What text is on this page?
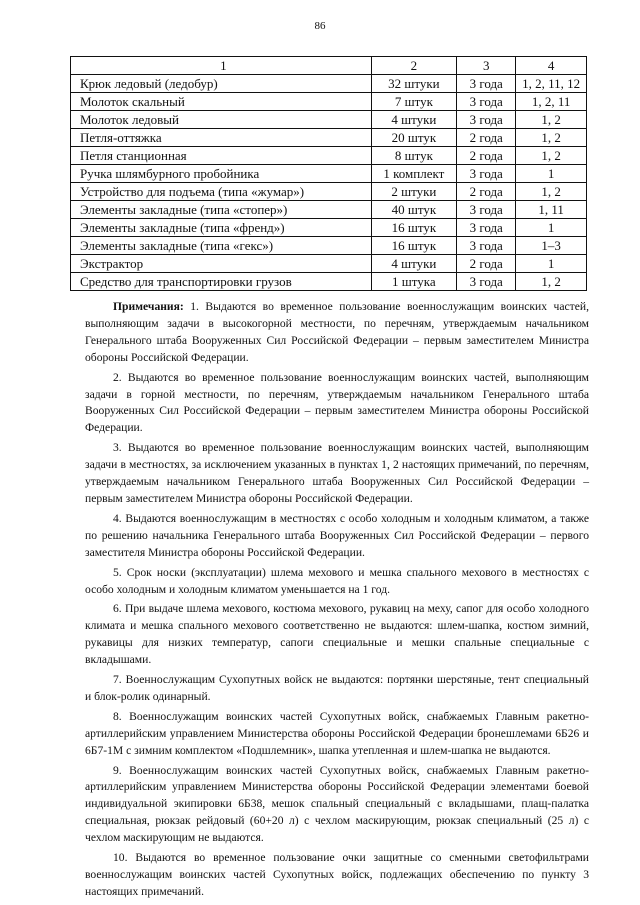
86
1	2	3	4
Крюк ледовый (ледобур)	32 штуки	3 года	1, 2, 11, 12
Молоток скальный	7 штук	3 года	1, 2, 11
Молоток ледовый	4 штуки	3 года	1, 2
Петля-оттяжка	20 штук	2 года	1, 2
Петля станционная	8 штук	2 года	1, 2
Ручка шлямбурного пробойника	1 комплект	3 года	1
Устройство для подъема (типа «жумар»)	2 штуки	2 года	1, 2
Элементы закладные (типа «стопер»)	40 штук	3 года	1, 11
Элементы закладные (типа «френд»)	16 штук	3 года	1
Элементы закладные (типа «гекс»)	16 штук	3 года	1–3
Экстрактор	4 штуки	2 года	1
Средство для транспортировки грузов	1 штука	3 года	1, 2

Примечания: 1. Выдаются во временное пользование военнослужащим воинских частей, выполняющим задачи в высокогорной местности, по перечням, утверждаемым начальником Генерального штаба Вооруженных Сил Российской Федерации – первым заместителем Министра обороны Российской Федерации.

2. Выдаются во временное пользование военнослужащим воинских частей, выполняющим задачи в горной местности, по перечням, утверждаемым начальником Генерального штаба Вооруженных Сил Российской Федерации – первым заместителем Министра обороны Российской Федерации.

3. Выдаются во временное пользование военнослужащим воинских частей, выполняющим задачи в местностях, за исключением указанных в пунктах 1, 2 настоящих примечаний, по перечням, утверждаемым начальником Генерального штаба Вооруженных Сил Российской Федерации – первым заместителем Министра обороны Российской Федерации.

4. Выдаются военнослужащим в местностях с особо холодным и холодным климатом, а также по решению начальника Генерального штаба Вооруженных Сил Российской Федерации – первого заместителя Министра обороны Российской Федерации.

5. Срок носки (эксплуатации) шлема мехового и мешка спального мехового в местностях с особо холодным и холодным климатом уменьшается на 1 год.

6. При выдаче шлема мехового, костюма мехового, рукавиц на меху, сапог для особо холодного климата и мешка спального мехового соответственно не выдаются: шлем-шапка, костюм зимний, рукавицы для низких температур, сапоги специальные и мешки спальные специальные с вкладышами.

7. Военнослужащим Сухопутных войск не выдаются: портянки шерстяные, тент специальный и блок-ролик одинарный.

8. Военнослужащим воинских частей Сухопутных войск, снабжаемых Главным ракетно-артиллерийским управлением Министерства обороны Российской Федерации бронешлемами 6Б26 и 6Б7-1М с зимним комплектом «Подшлемник», шапка утепленная и шлем-шапка не выдаются.

9. Военнослужащим воинских частей Сухопутных войск, снабжаемых Главным ракетно-артиллерийским управлением Министерства обороны Российской Федерации элементами боевой индивидуальной экипировки 6Б38, мешок спальный специальный с вкладышами, плащ-палатка специальная, рюкзак рейдовый (60+20 л) с чехлом маскирующим, рюкзак специальный (25 л) с чехлом маскирующим не выдаются.

10. Выдаются во временное пользование очки защитные со сменными светофильтрами военнослужащим воинских частей Сухопутных войск, подлежащих обеспечению по пункту 3 настоящих примечаний.
